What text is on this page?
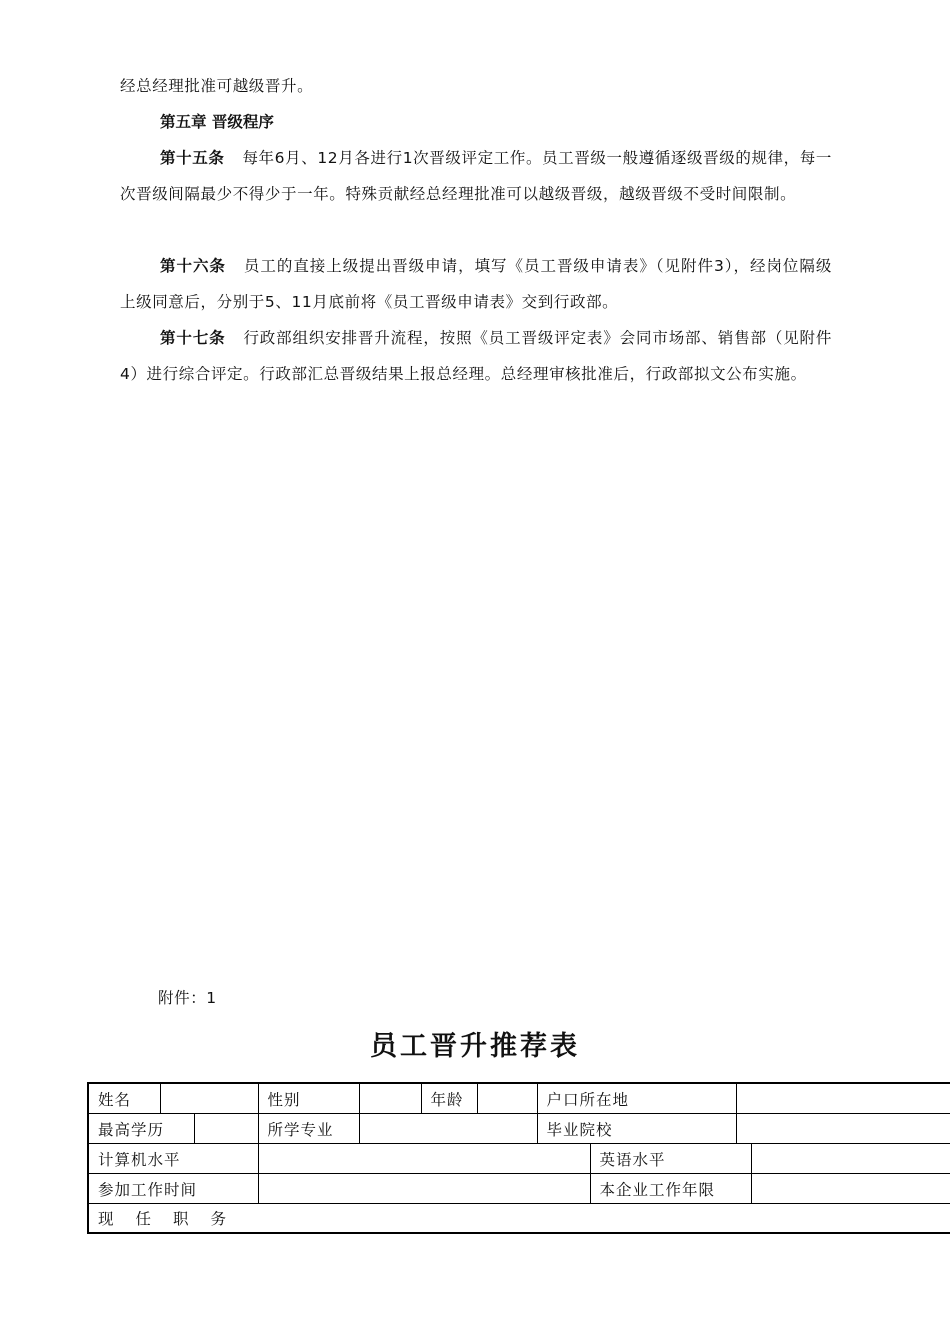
经总经理批准可越级晋升。
第五章 晋级程序
第十五条 每年6月、12月各进行1次晋级评定工作。员工晋级一般遵循逐级晋级的规律，每一次晋级间隔最少不得少于一年。特殊贡献经总经理批准可以越级晋级，越级晋级不受时间限制。
第十六条 员工的直接上级提出晋级申请，填写《员工晋级申请表》（见附件3），经岗位隔级上级同意后，分别于5、11月底前将《员工晋级申请表》交到行政部。
第十七条 行政部组织安排晋升流程，按照《员工晋级评定表》会同市场部、销售部（见附件4）进行综合评定。行政部汇总晋级结果上报总经理。总经理审核批准后，行政部拟文公布实施。
附件：1
员工晋升推荐表
姓名			性别		年龄		户口所在地			
最高学历			所学专业				毕业院校			
计算机水平								英语水平		
参加工作时间								本企业工作年限		
现 任 职 务										
